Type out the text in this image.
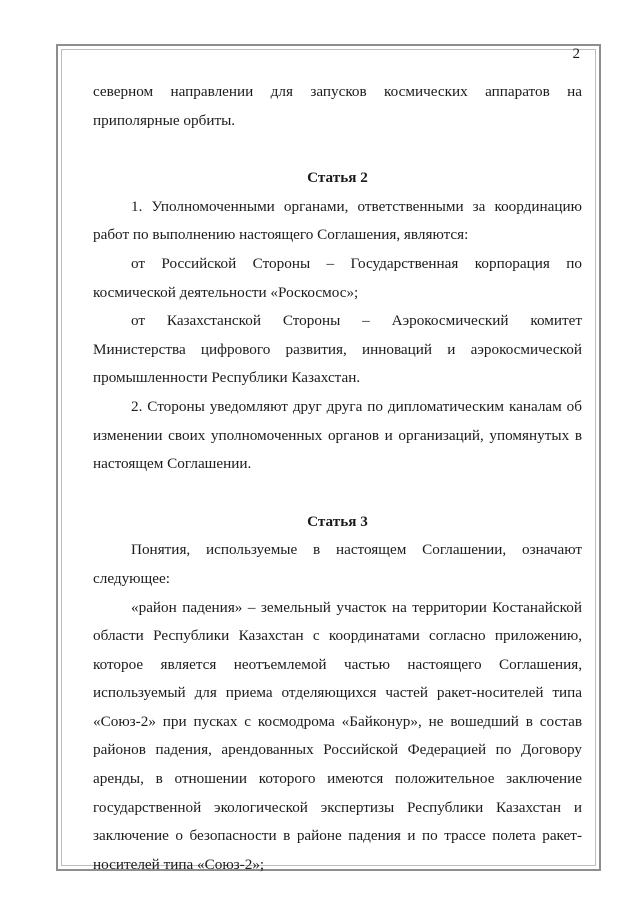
2

северном направлении для запусков космических аппаратов на

приполярные орбиты.

Статья 2

1. Уполномоченными органами, ответственными за координацию работ по выполнению настоящего Соглашения, являются:

от Российской Стороны – Государственная корпорация по космической деятельности «Роскосмос»;

от Казахстанской Стороны – Аэрокосмический комитет Министерства цифрового развития, инноваций и аэрокосмической промышленности Республики Казахстан.

2. Стороны уведомляют друг друга по дипломатическим каналам об изменении своих уполномоченных органов и организаций, упомянутых в настоящем Соглашении.

Статья 3

Понятия, используемые в настоящем Соглашении, означают следующее:

«район падения» – земельный участок на территории Костанайской области Республики Казахстан с координатами согласно приложению, которое является неотъемлемой частью настоящего Соглашения, используемый для приема отделяющихся частей ракет-носителей типа «Союз-2» при пусках с космодрома «Байконур», не вошедший в состав районов падения, арендованных Российской Федерацией по Договору аренды, в отношении которого имеются положительное заключение государственной экологической экспертизы Республики Казахстан и заключение о безопасности в районе падения и по трассе полета ракет-носителей типа «Союз-2»;
